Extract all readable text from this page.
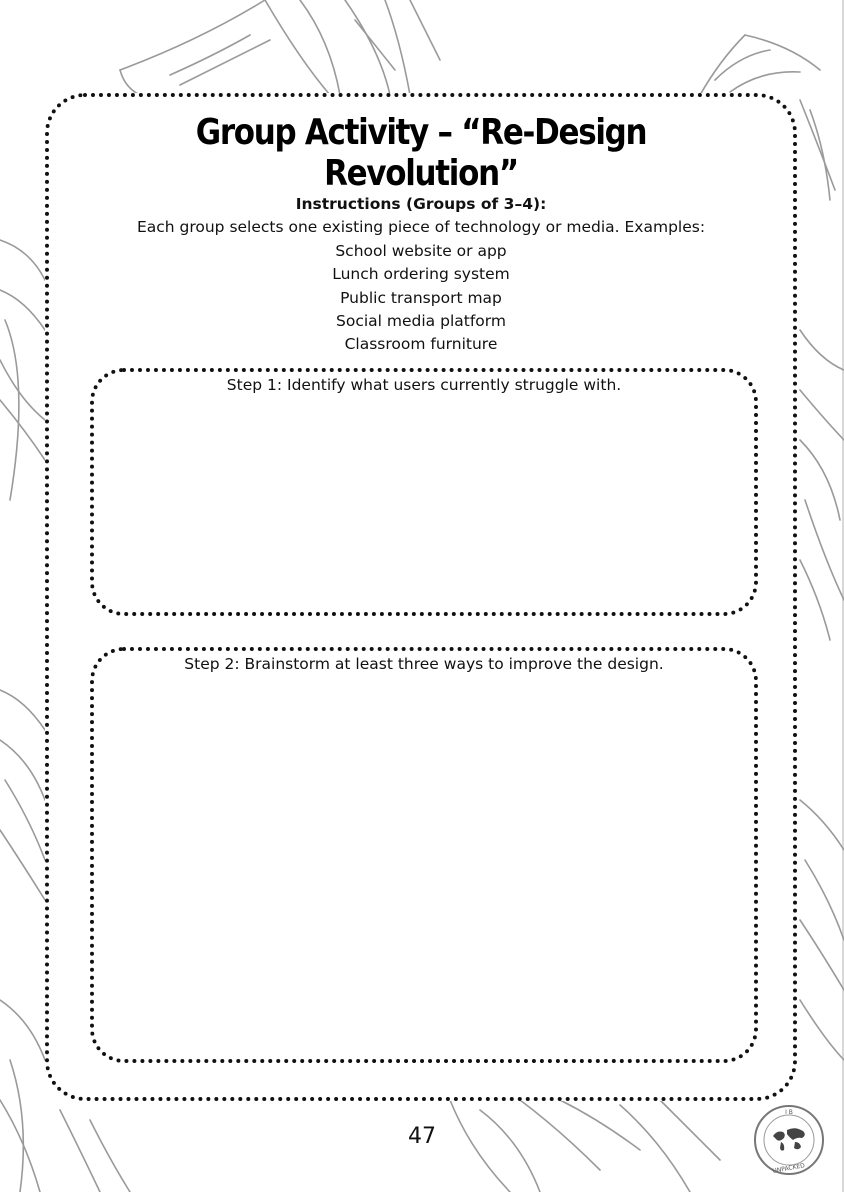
Group Activity – “Re-Design Revolution”
Instructions (Groups of 3–4):
Each group selects one existing piece of technology or media. Examples:
School website or app
Lunch ordering system
Public transport map
Social media platform
Classroom furniture
Step 1: Identify what users currently struggle with.
Step 2: Brainstorm at least three ways to improve the design.
47
I B
UNPACKED
